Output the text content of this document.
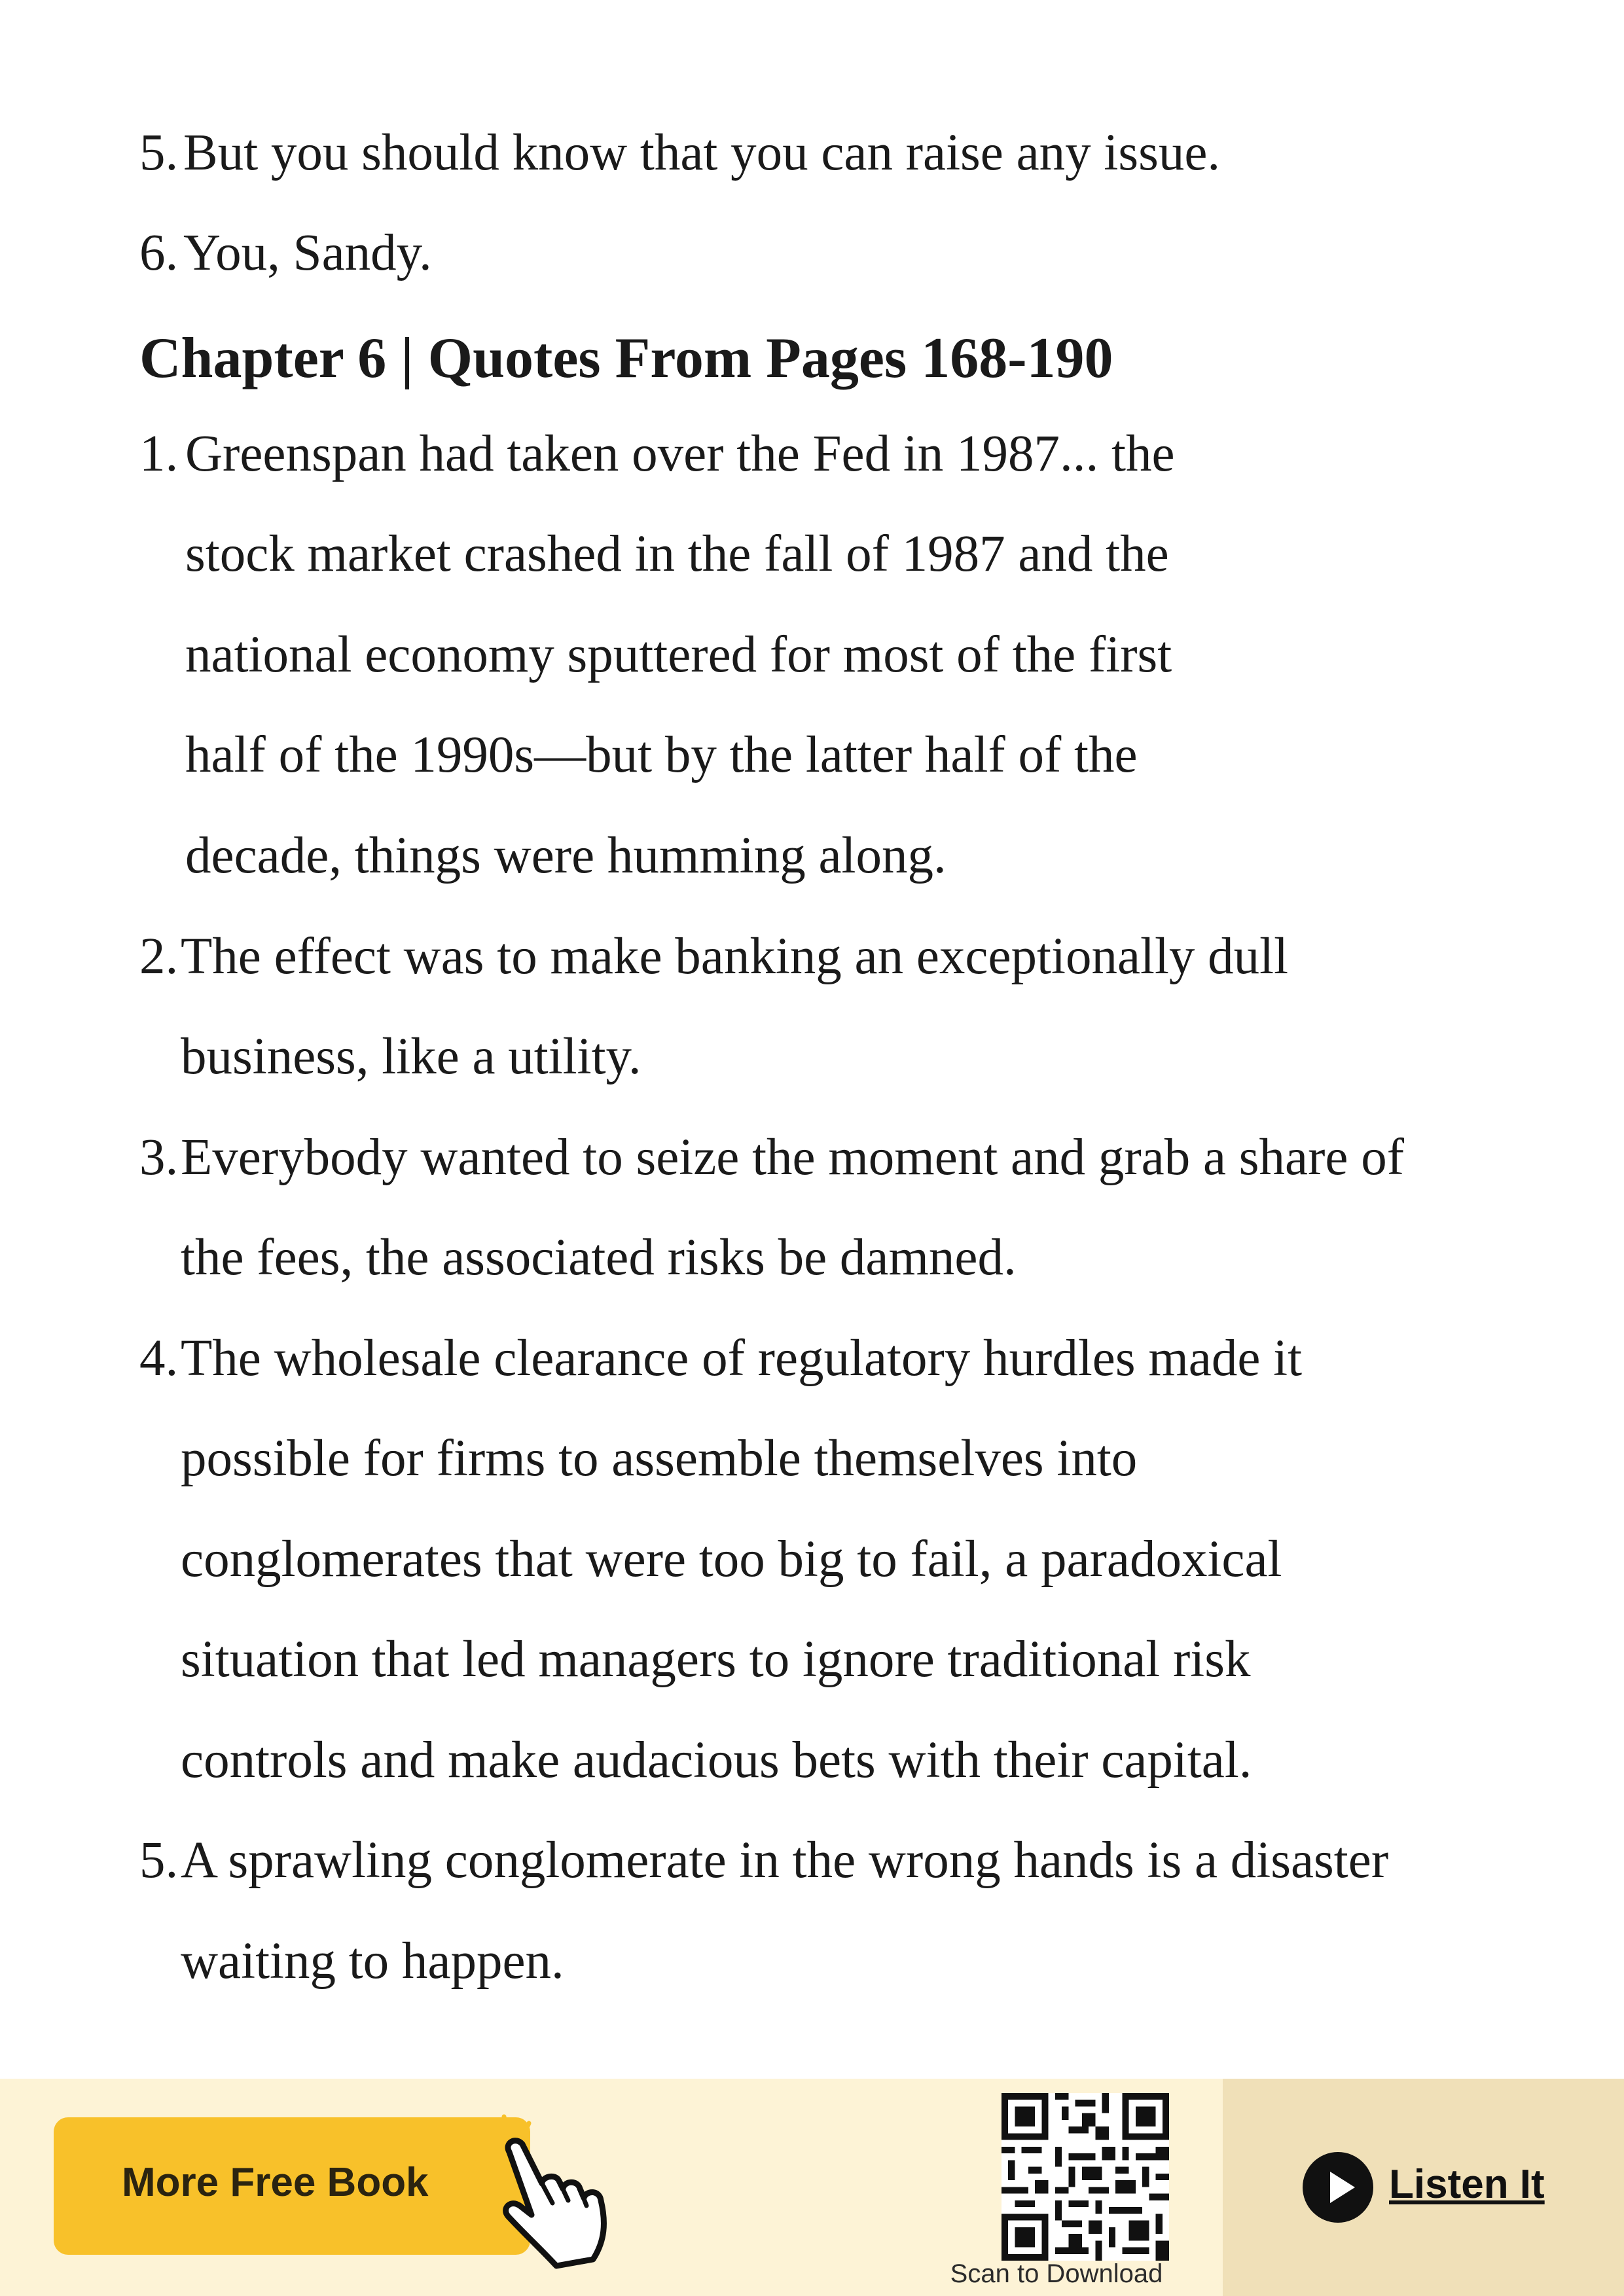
5.But you should know that you can raise any issue.
6.You, Sandy.
Chapter 6 | Quotes From Pages 168-190
1. Greenspan had taken over the Fed in 1987... the
stock market crashed in the fall of 1987 and the
national economy sputtered for most of the first
half of the 1990s—but by the latter half of the
decade, things were humming along.
2.The effect was to make banking an exceptionally dull
business, like a utility.
3.Everybody wanted to seize the moment and grab a share of
the fees, the associated risks be damned.
4.The wholesale clearance of regulatory hurdles made it
possible for firms to assemble themselves into
conglomerates that were too big to fail, a paradoxical
situation that led managers to ignore traditional risk
controls and make audacious bets with their capital.
5.A sprawling conglomerate in the wrong hands is a disaster
waiting to happen.
More Free Book
Scan to Download
Listen It
